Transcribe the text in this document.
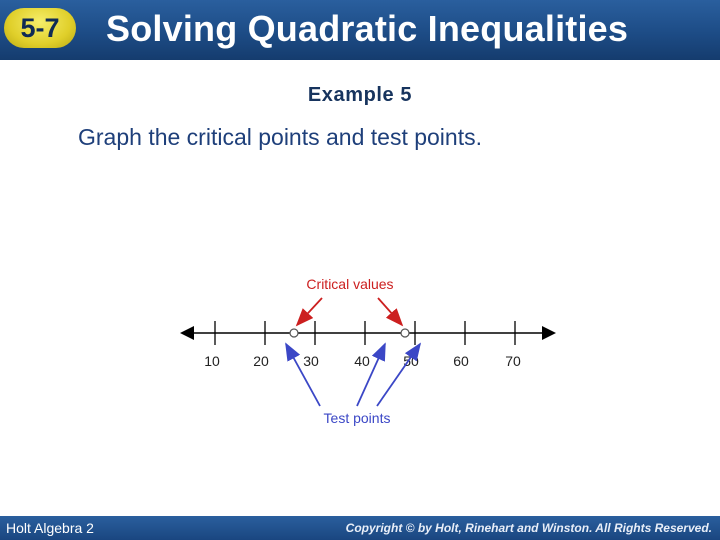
5-7	Solving Quadratic Inequalities
Example 5
Graph the critical points and test points.
10 20 30	40 50 60	70
Critical values
Test points
Holt Algebra 2	Copyright © by Holt, Rinehart and Winston. All Rights Reserved.
